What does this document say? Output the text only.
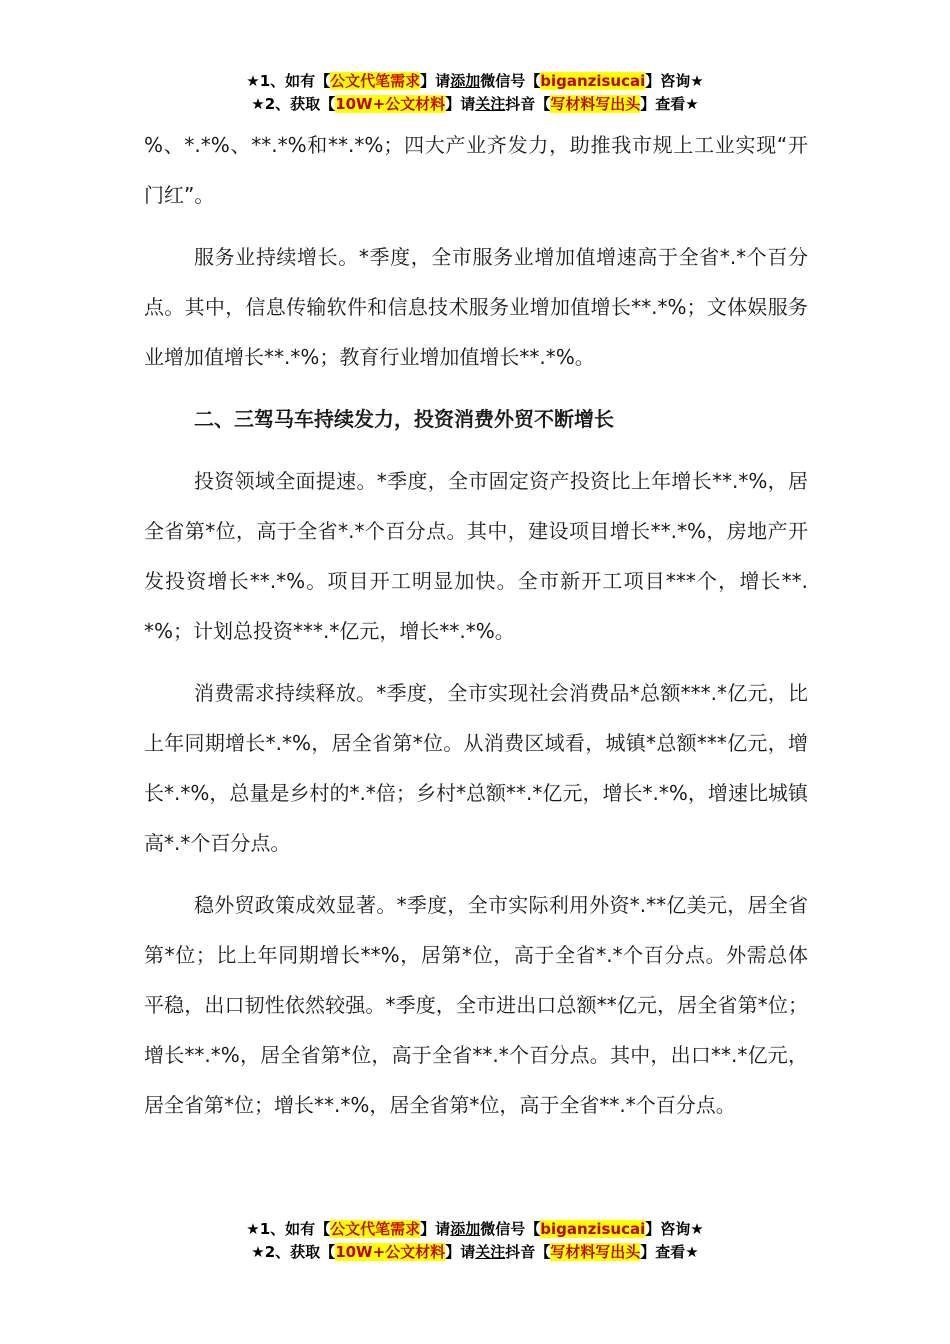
★1、如有【公文代笔需求】请添加微信号【biganzisucai】咨询★
★2、获取【10W+公文材料】请关注抖音【写材料写出头】查看★

%、*.*%、**.*%和**.*%；四大产业齐发力，助推我市规上工业实现“开门红”。

服务业持续增长。*季度，全市服务业增加值增速高于全省*.*个百分点。其中，信息传输软件和信息技术服务业增加值增长**.*%；文体娱服务业增加值增长**.*%；教育行业增加值增长**.*%。

二、三驾马车持续发力，投资消费外贸不断增长

投资领域全面提速。*季度，全市固定资产投资比上年增长**.*%，居全省第*位，高于全省*.*个百分点。其中，建设项目增长**.*%，房地产开发投资增长**.*%。项目开工明显加快。全市新开工项目***个，增长**.*%；计划总投资***.*亿元，增长**.*%。

消费需求持续释放。*季度，全市实现社会消费品*总额***.*亿元，比上年同期增长*.*%，居全省第*位。从消费区域看，城镇*总额***亿元，增长*.*%，总量是乡村的*.*倍；乡村*总额**.*亿元，增长*.*%，增速比城镇高*.*个百分点。

稳外贸政策成效显著。*季度，全市实际利用外资*.**亿美元，居全省第*位；比上年同期增长**%，居第*位，高于全省*.*个百分点。外需总体平稳，出口韧性依然较强。*季度，全市进出口总额**亿元，居全省第*位；增长**.*%，居全省第*位，高于全省**.*个百分点。其中，出口**.*亿元，居全省第*位；增长**.*%，居全省第*位，高于全省**.*个百分点。

★1、如有【公文代笔需求】请添加微信号【biganzisucai】咨询★
★2、获取【10W+公文材料】请关注抖音【写材料写出头】查看★
